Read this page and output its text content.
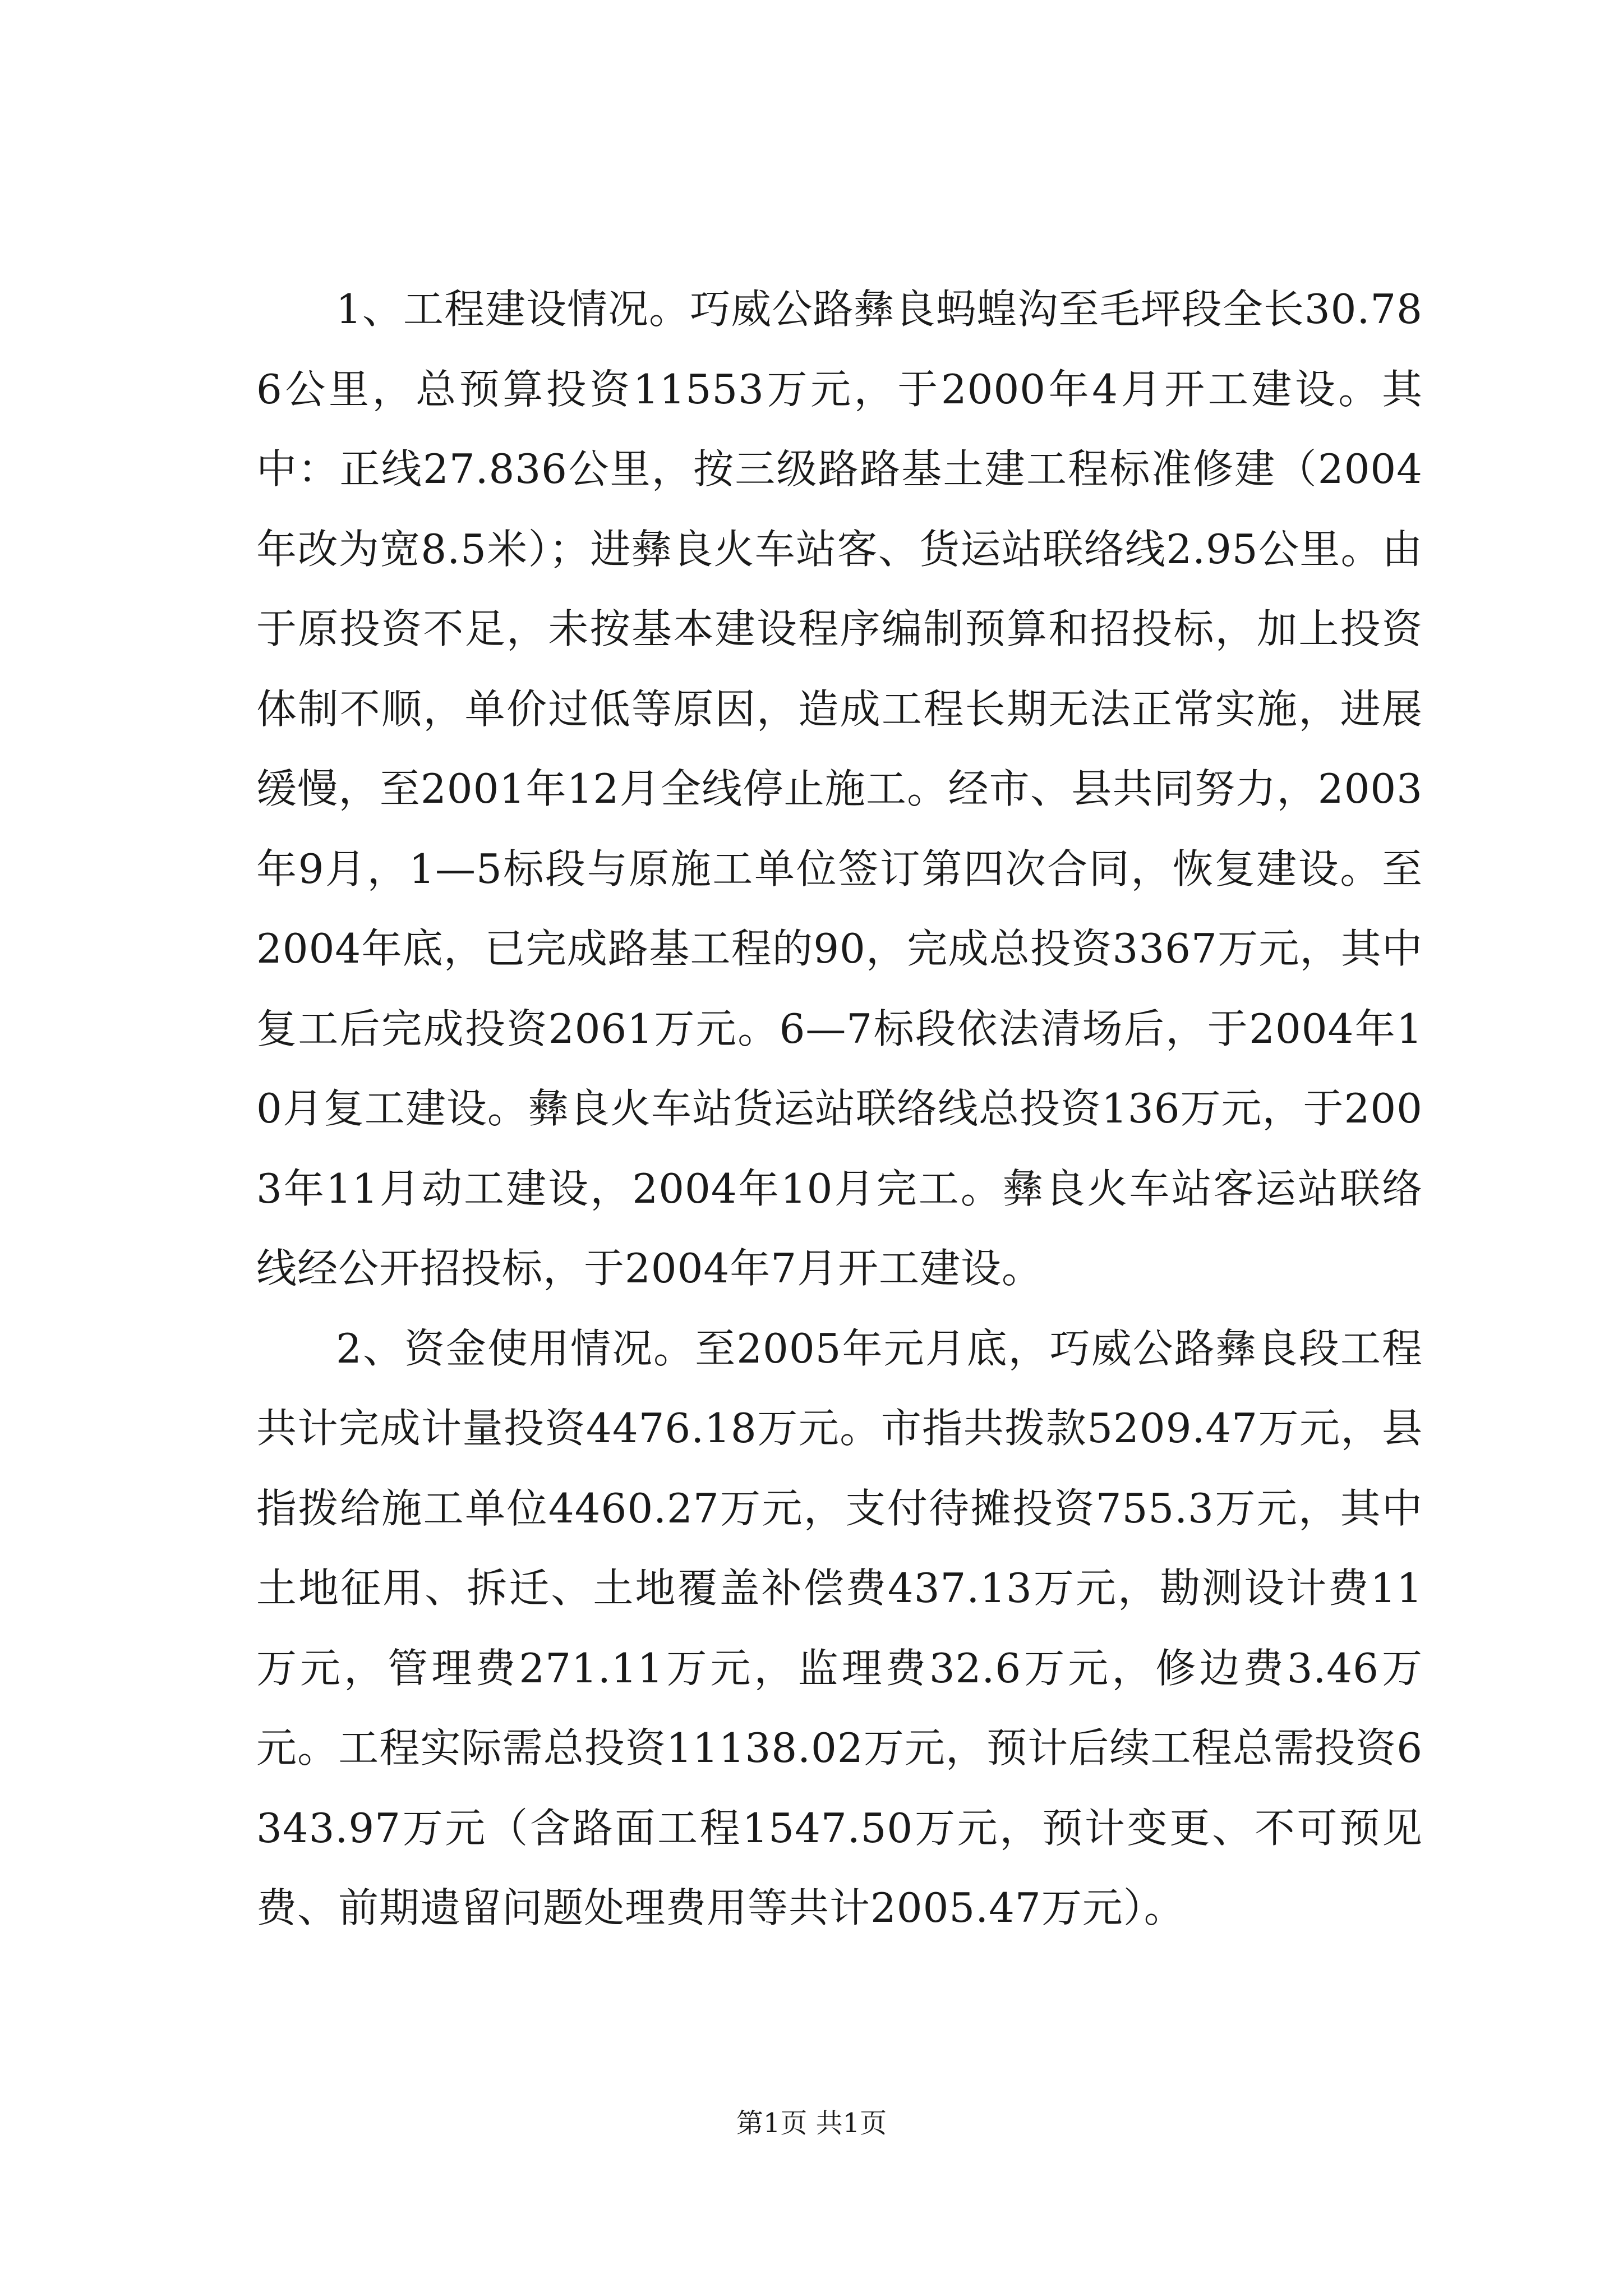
1、工程建设情况。巧威公路彝良蚂蝗沟至毛坪段全长30.786公里，总预算投资11553万元，于2000年4月开工建设。其中：正线27.836公里，按三级路路基土建工程标准修建（2004年改为宽8.5米）；进彝良火车站客、货运站联络线2.95公里。由于原投资不足，未按基本建设程序编制预算和招投标，加上投资体制不顺，单价过低等原因，造成工程长期无法正常实施，进展缓慢，至2001年12月全线停止施工。经市、县共同努力，2003年9月，1—5标段与原施工单位签订第四次合同，恢复建设。至2004年底，已完成路基工程的90，完成总投资3367万元，其中复工后完成投资2061万元。6—7标段依法清场后，于2004年10月复工建设。彝良火车站货运站联络线总投资136万元，于2003年11月动工建设，2004年10月完工。彝良火车站客运站联络线经公开招投标，于2004年7月开工建设。

2、资金使用情况。至2005年元月底，巧威公路彝良段工程共计完成计量投资4476.18万元。市指共拨款5209.47万元，县指拨给施工单位4460.27万元，支付待摊投资755.3万元，其中土地征用、拆迁、土地覆盖补偿费437.13万元，勘测设计费11万元，管理费271.11万元，监理费32.6万元，修边费3.46万元。工程实际需总投资11138.02万元，预计后续工程总需投资6343.97万元（含路面工程1547.50万元，预计变更、不可预见费、前期遗留问题处理费用等共计2005.47万元）。

第1页 共1页
